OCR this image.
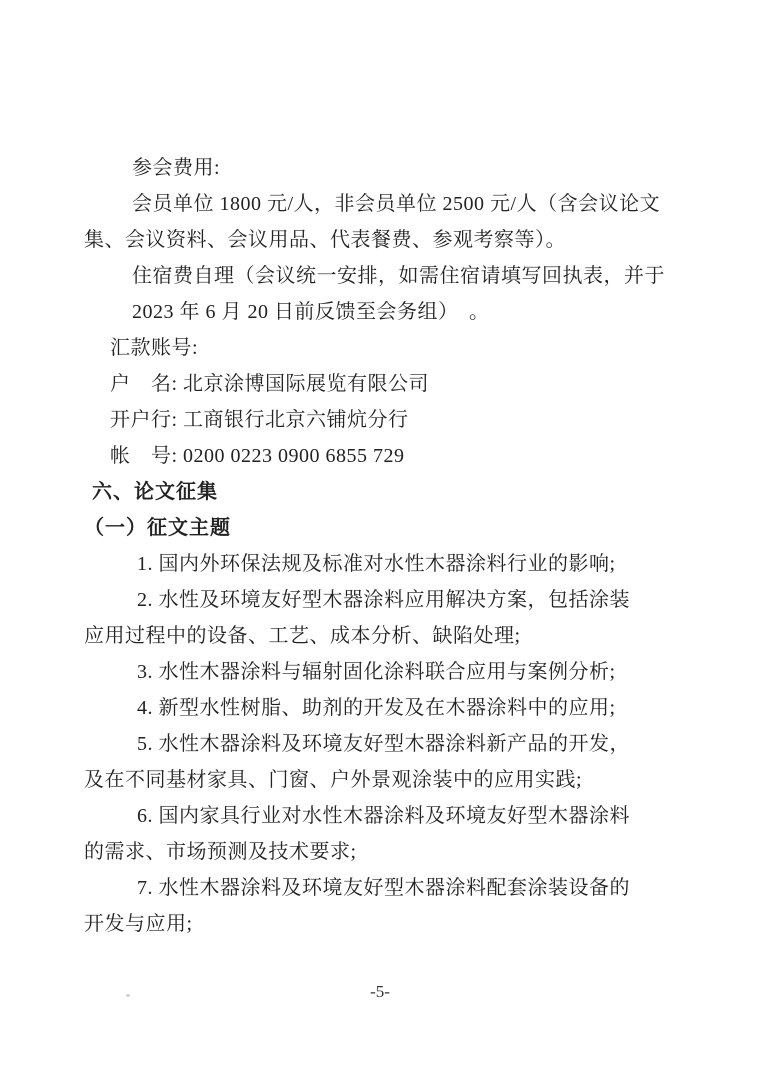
参会费用:
会员单位 1800 元/人，非会员单位 2500 元/人（含会议论文
集、会议资料、会议用品、代表餐费、参观考察等）。
住宿费自理（会议统一安排，如需住宿请填写回执表，并于
2023 年 6 月 20 日前反馈至会务组）　。
汇款账号:
户　名: 北京涂博国际展览有限公司
开户行: 工商银行北京六铺炕分行
帐　号: 0200 0223 0900 6855 729
六、论文征集
（一）征文主题
1. 国内外环保法规及标准对水性木器涂料行业的影响;
2. 水性及环境友好型木器涂料应用解决方案，包括涂装
应用过程中的设备、工艺、成本分析、缺陷处理;
3. 水性木器涂料与辐射固化涂料联合应用与案例分析;
4. 新型水性树脂、助剂的开发及在木器涂料中的应用;
5. 水性木器涂料及环境友好型木器涂料新产品的开发，
及在不同基材家具、门窗、户外景观涂装中的应用实践;
6. 国内家具行业对水性木器涂料及环境友好型木器涂料
的需求、市场预测及技术要求;
7. 水性木器涂料及环境友好型木器涂料配套涂装设备的
开发与应用;
-5-
